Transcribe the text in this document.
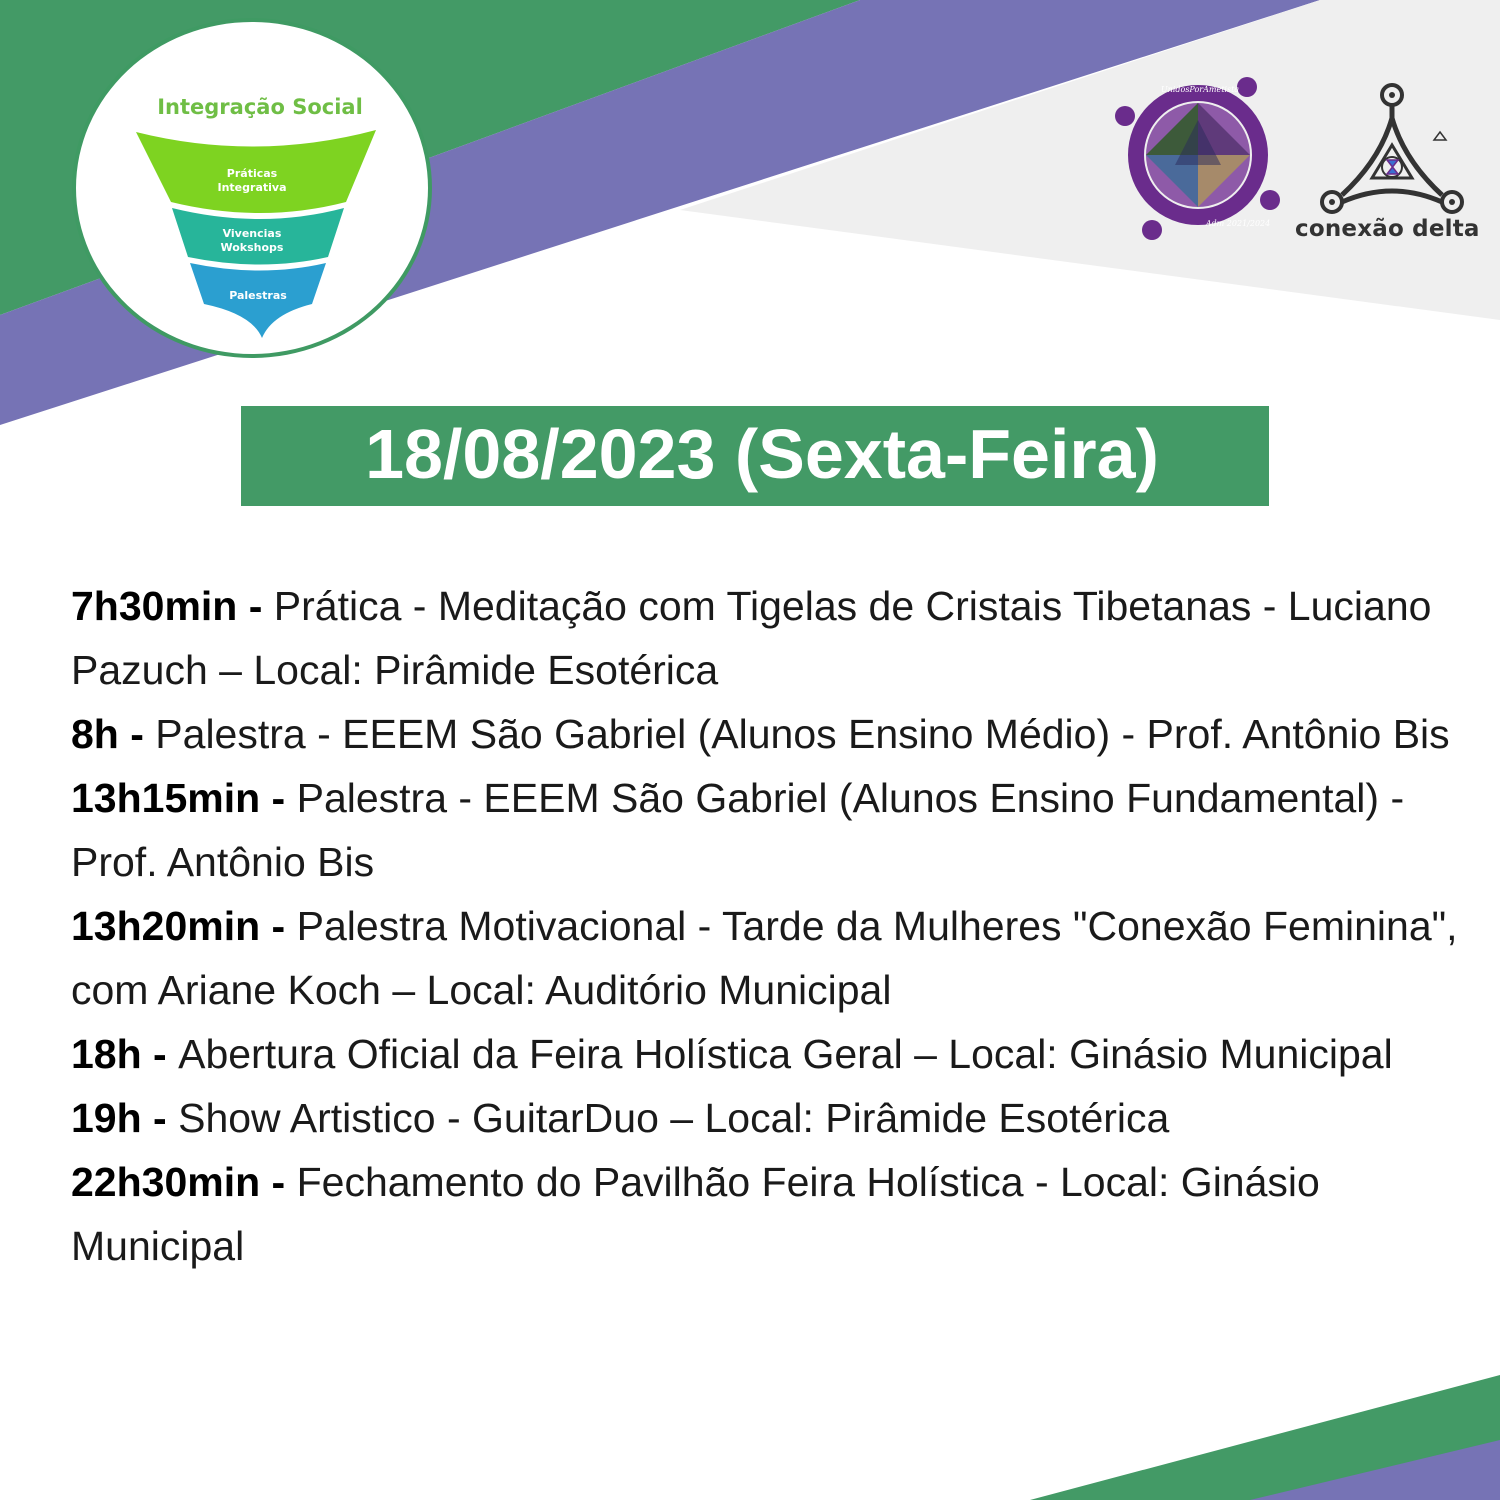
Integração Social
Práticas
Integrativa
Vivencias
Wokshops
Palestras
UnidosPorAmetista
Adm 2021/2024 conexão delta
18/08/2023 (Sexta-Feira)

7h30min - Prática - Meditação com Tigelas de Cristais Tibetanas - Luciano Pazuch – Local: Pirâmide Esotérica

8h - Palestra - EEEM São Gabriel (Alunos Ensino Médio) - Prof. Antônio Bis

13h15min - Palestra - EEEM São Gabriel (Alunos Ensino Fundamental) - Prof. Antônio Bis

13h20min - Palestra Motivacional - Tarde da Mulheres "Conexão Feminina", com Ariane Koch – Local: Auditório Municipal

18h - Abertura Oficial da Feira Holística Geral – Local: Ginásio Municipal

19h - Show Artistico - GuitarDuo – Local: Pirâmide Esotérica

22h30min - Fechamento do Pavilhão Feira Holística - Local: Ginásio Municipal
